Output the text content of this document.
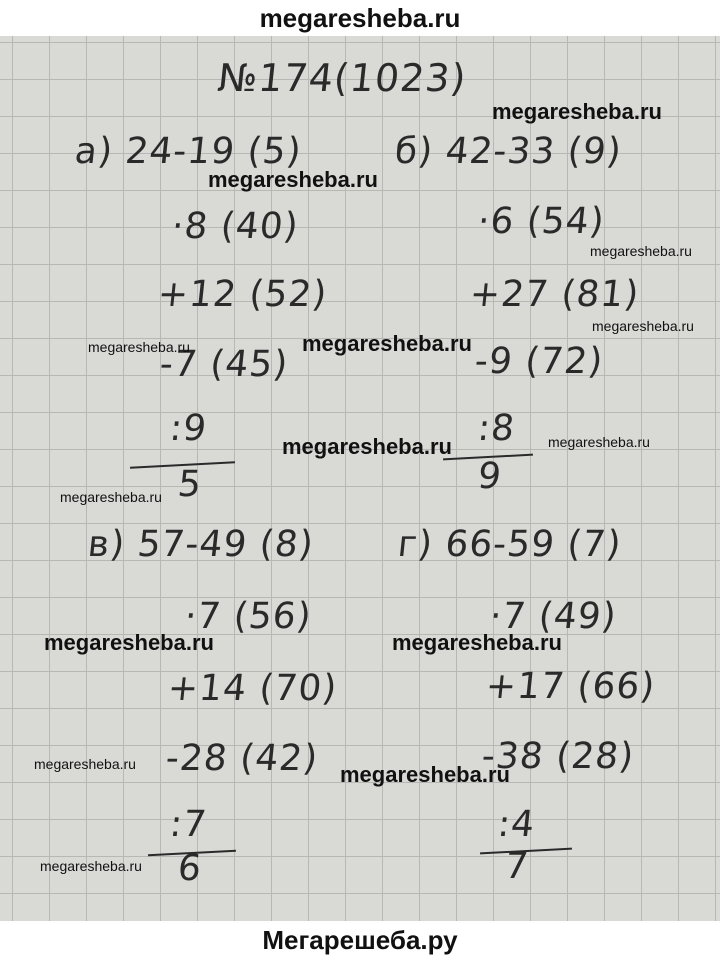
megaresheba.ru
№174(1023)
а) 24-19 (5)
·8 (40)
+12 (52)
-7 (45)
:9
5
б) 42-33 (9)
·6 (54)
+27 (81)
-9 (72)
:8
9
в) 57-49 (8)
·7 (56)
+14 (70)
-28 (42)
:7
6
г) 66-59 (7)
·7 (49)
+17 (66)
-38 (28)
:4
7
megaresheba.ru
megaresheba.ru
megaresheba.ru
megaresheba.ru
megaresheba.ru
megaresheba.ru
megaresheba.ru	megaresheba.ru
megaresheba.ru
megaresheba.ru	megaresheba.ru
megaresheba.ru	megaresheba.ru
megaresheba.ru
Мегарешеба.ру
